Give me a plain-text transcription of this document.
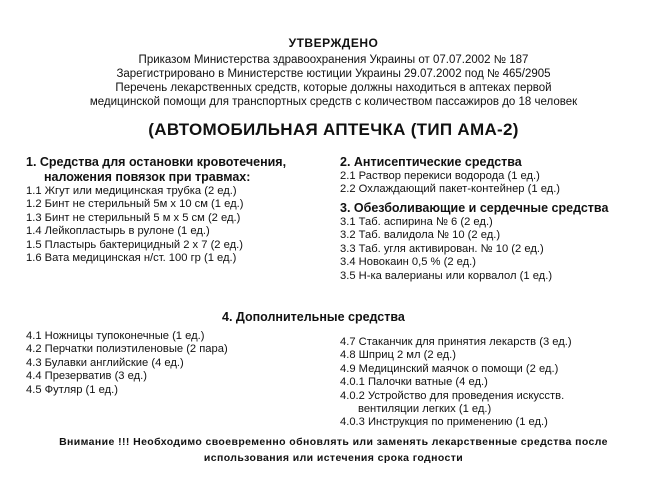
УТВЕРЖДЕНО
Приказом Министерства здравоохранения Украины от 07.07.2002 № 187
Зарегистрировано в Министерстве юстиции Украины 29.07.2002 под № 465/2905
Перечень лекарственных средств, которые должны находиться в аптеках первой
медицинской помощи для транспортных средств с количеством пассажиров до 18 человек
(АВТОМОБИЛЬНАЯ АПТЕЧКА (ТИП АМА-2)
1. Средства для остановки кровотечения,
наложения повязок при травмах:
1.1 Жгут или медицинская трубка (2 ед.)
1.2 Бинт не стерильный 5м х 10 см (1 ед.)
1.3 Бинт не стерильный 5 м х 5 см (2 ед.)
1.4 Лейкопластырь в рулоне (1 ед.)
1.5 Пластырь бактерицидный 2 х 7 (2 ед.)
1.6 Вата медицинская н/ст. 100 гр (1 ед.)
2. Антисептические средства
2.1 Раствор перекиси водорода (1 ед.)
2.2 Охлаждающий пакет-контейнер (1 ед.)
3. Обезболивающие и сердечные средства
3.1 Таб. аспирина № 6 (2 ед.)
3.2 Таб. валидола № 10 (2 ед.)
3.3 Таб. угля активирован. № 10 (2 ед.)
3.4 Новокаин 0,5 % (2 ед.)
3.5 Н-ка валерианы или корвалол (1 ед.)
4. Дополнительные средства
4.1 Ножницы тупоконечные (1 ед.)
4.2 Перчатки полиэтиленовые (2 пара)
4.3 Булавки английские (4 ед.)
4.4 Презерватив (3 ед.)
4.5 Футляр (1 ед.)
4.7 Стаканчик для принятия лекарств (3 ед.)
4.8 Шприц 2 мл (2 ед.)
4.9 Медицинский маячок о помощи (2 ед.)
4.0.1 Палочки ватные (4 ед.)
4.0.2 Устройство для проведения искусств.
вентиляции легких (1 ед.)
4.0.3 Инструкция по применению (1 ед.)
Внимание !!! Необходимо своевременно обновлять или заменять лекарственные средства после
использования или истечения срока годности
